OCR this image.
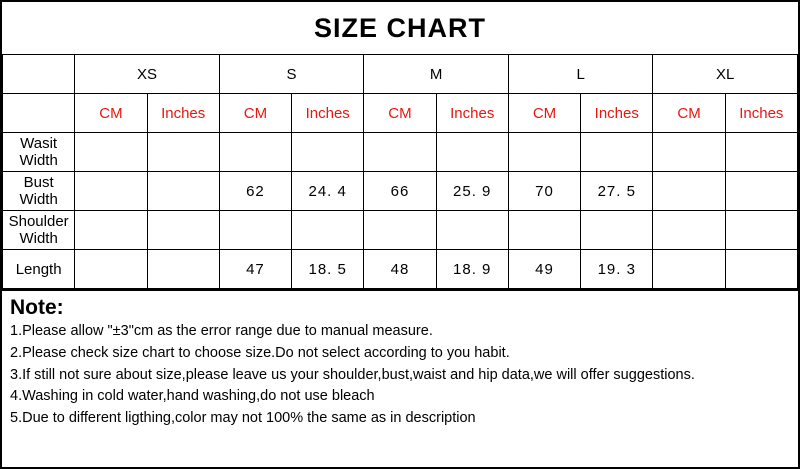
SIZE CHART
	XS		S		M		L		XL	
	CM	Inches	CM	Inches	CM	Inches	CM	Inches	CM	Inches
Wasit Width										
Bust Width			62	24. 4	66	25. 9	70	27. 5		
Shoulder Width										
Length			47	18. 5	48	18. 9	49	19. 3		
Note:
1.Please allow "±3"cm as the error range due to manual measure.
2.Please check size chart to choose size.Do not select according to you habit.
3.If still not sure about size,please leave us your shoulder,bust,waist and hip data,we will offer suggestions.
4.Washing in cold water,hand washing,do not use bleach
5.Due to different ligthing,color may not 100% the same as in description
